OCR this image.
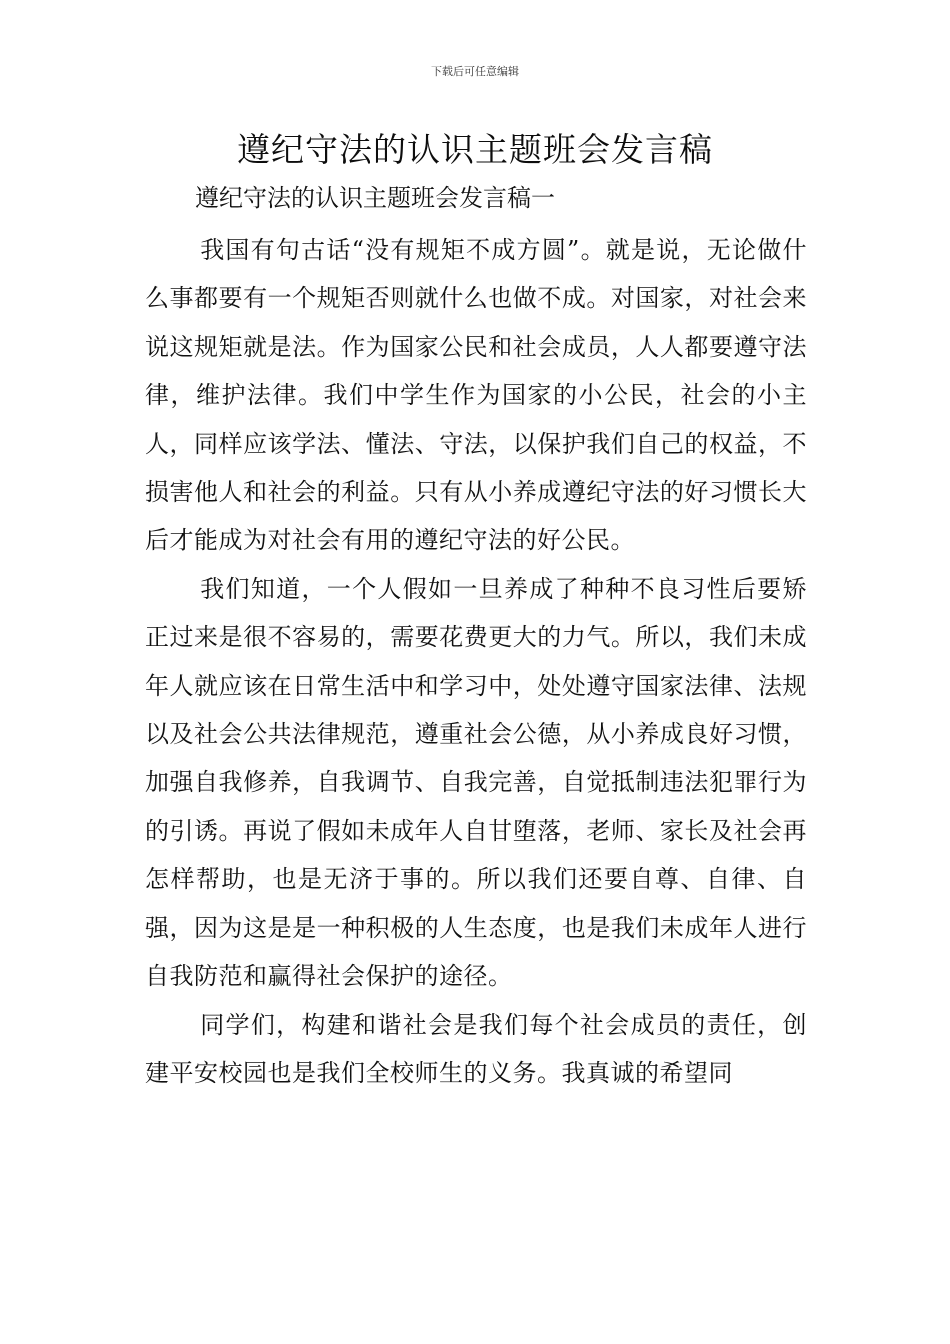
下载后可任意编辑
遵纪守法的认识主题班会发言稿

遵纪守法的认识主题班会发言稿一

我国有句古话“没有规矩不成方圆”。就是说，无论做什么事都要有一个规矩否则就什么也做不成。对国家，对社会来说这规矩就是法。作为国家公民和社会成员，人人都要遵守法律，维护法律。我们中学生作为国家的小公民，社会的小主人，同样应该学法、懂法、守法，以保护我们自己的权益，不损害他人和社会的利益。只有从小养成遵纪守法的好习惯长大后才能成为对社会有用的遵纪守法的好公民。

我们知道，一个人假如一旦养成了种种不良习性后要矫正过来是很不容易的，需要花费更大的力气。所以，我们未成年人就应该在日常生活中和学习中，处处遵守国家法律、法规以及社会公共法律规范，遵重社会公德，从小养成良好习惯，加强自我修养，自我调节、自我完善，自觉抵制违法犯罪行为的引诱。再说了假如未成年人自甘堕落，老师、家长及社会再怎样帮助，也是无济于事的。所以我们还要自尊、自律、自强，因为这是是一种积极的人生态度，也是我们未成年人进行自我防范和赢得社会保护的途径。

同学们，构建和谐社会是我们每个社会成员的责任，创建平安校园也是我们全校师生的义务。我真诚的希望同
